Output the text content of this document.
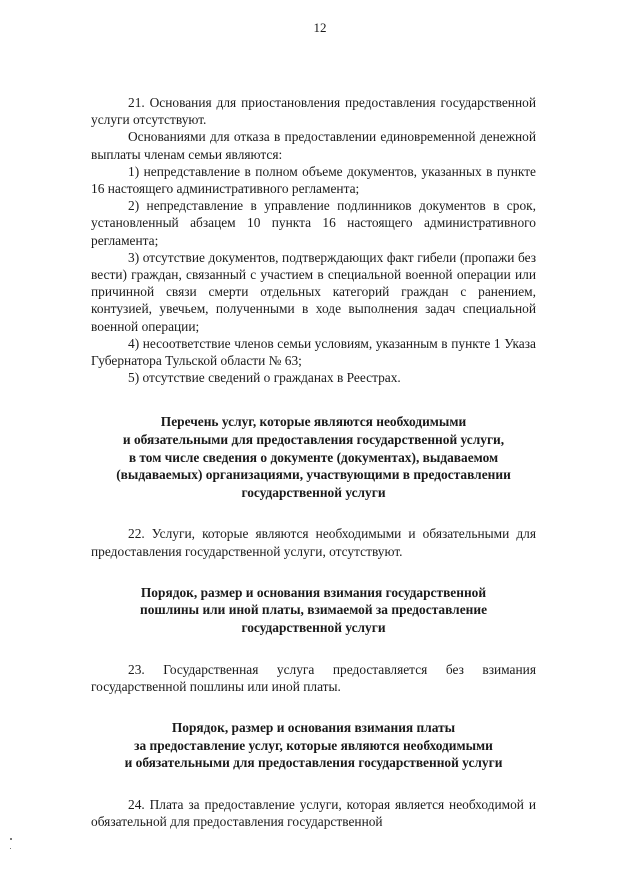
12

21. Основания для приостановления предоставления государственной услуги отсутствуют.

Основаниями для отказа в предоставлении единовременной денежной выплаты членам семьи являются:

1) непредставление в полном объеме документов, указанных в пункте 16 настоящего административного регламента;

2) непредставление в управление подлинников документов в срок, установленный абзацем 10 пункта 16 настоящего административного регламента;

3) отсутствие документов, подтверждающих факт гибели (пропажи без вести) граждан, связанный с участием в специальной военной операции или причинной связи смерти отдельных категорий граждан с ранением, контузией, увечьем, полученными в ходе выполнения задач специальной военной операции;

4) несоответствие членов семьи условиям, указанным в пункте 1 Указа Губернатора Тульской области № 63;

5) отсутствие сведений о гражданах в Реестрах.

Перечень услуг, которые являются необходимыми

и обязательными для предоставления государственной услуги,

в том числе сведения о документе (документах), выдаваемом

(выдаваемых) организациями, участвующими в предоставлении

государственной услуги

22. Услуги, которые являются необходимыми и обязательными для предоставления государственной услуги, отсутствуют.

Порядок, размер и основания взимания государственной

пошлины или иной платы, взимаемой за предоставление

государственной услуги

23. Государственная услуга предоставляется без взимания государственной пошлины или иной платы.

Порядок, размер и основания взимания платы

за предоставление услуг, которые являются необходимыми

и обязательными для предоставления государственной услуги

24. Плата за предоставление услуги, которая является необходимой и обязательной для предоставления государственной
